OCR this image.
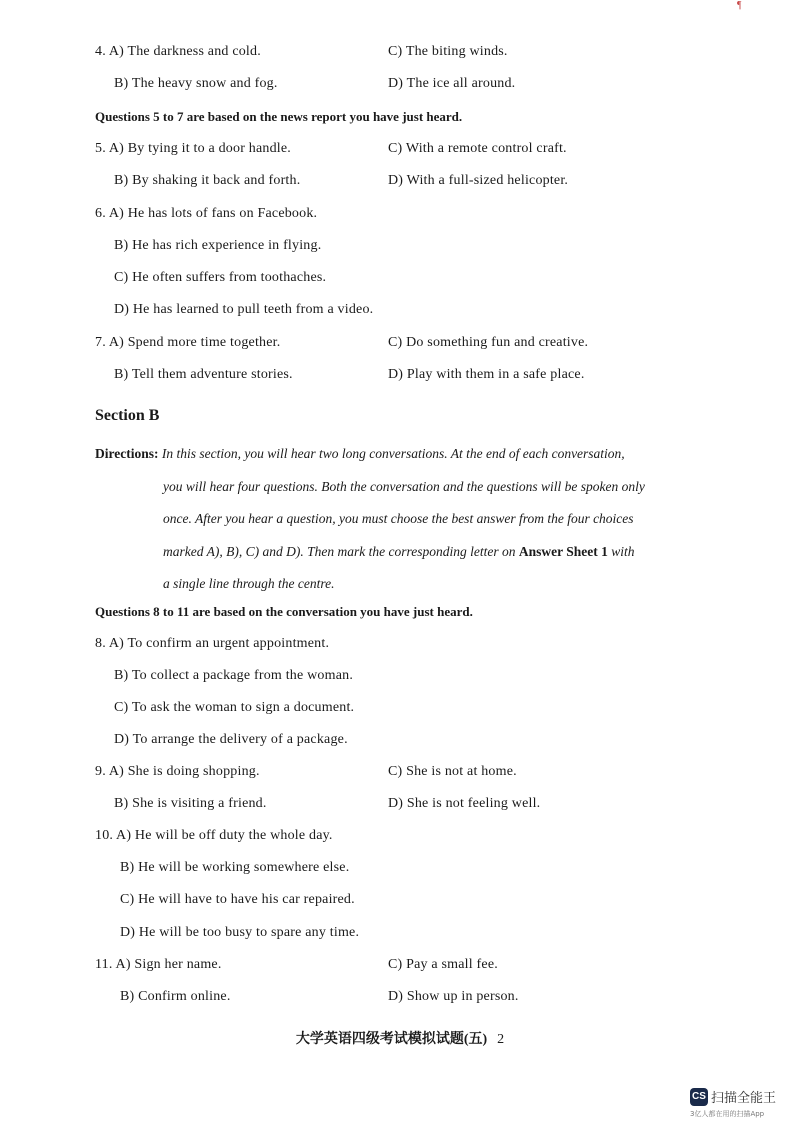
¶
4. A) The darkness and cold.	C) The biting winds.
B) The heavy snow and fog.	D) The ice all around.
Questions 5 to 7 are based on the news report you have just heard.
5. A) By tying it to a door handle.	C) With a remote control craft.
B) By shaking it back and forth.	D) With a full-sized helicopter.
6. A) He has lots of fans on Facebook.
B) He has rich experience in flying.
C) He often suffers from toothaches.
D) He has learned to pull teeth from a video.
7. A) Spend more time together.	C) Do something fun and creative.
B) Tell them adventure stories.	D) Play with them in a safe place.
Section B
Directions: In this section, you will hear two long conversations. At the end of each conversation,
you will hear four questions. Both the conversation and the questions will be spoken only
once. After you hear a question, you must choose the best answer from the four choices
marked A), B), C) and D). Then mark the corresponding letter on Answer Sheet 1 with
a single line through the centre.
Questions 8 to 11 are based on the conversation you have just heard.
8. A) To confirm an urgent appointment.
B) To collect a package from the woman.
C) To ask the woman to sign a document.
D) To arrange the delivery of a package.
9. A) She is doing shopping.	C) She is not at home.
B) She is visiting a friend.	D) She is not feeling well.
10. A) He will be off duty the whole day.
B) He will be working somewhere else.
C) He will have to have his car repaired.
D) He will be too busy to spare any time.
11. A) Sign her name.	C) Pay a small fee.
B) Confirm online.	D) Show up in person.
大学英语四级考试模拟试题(五) 2
CS 扫描全能王
3亿人都在用的扫描App
